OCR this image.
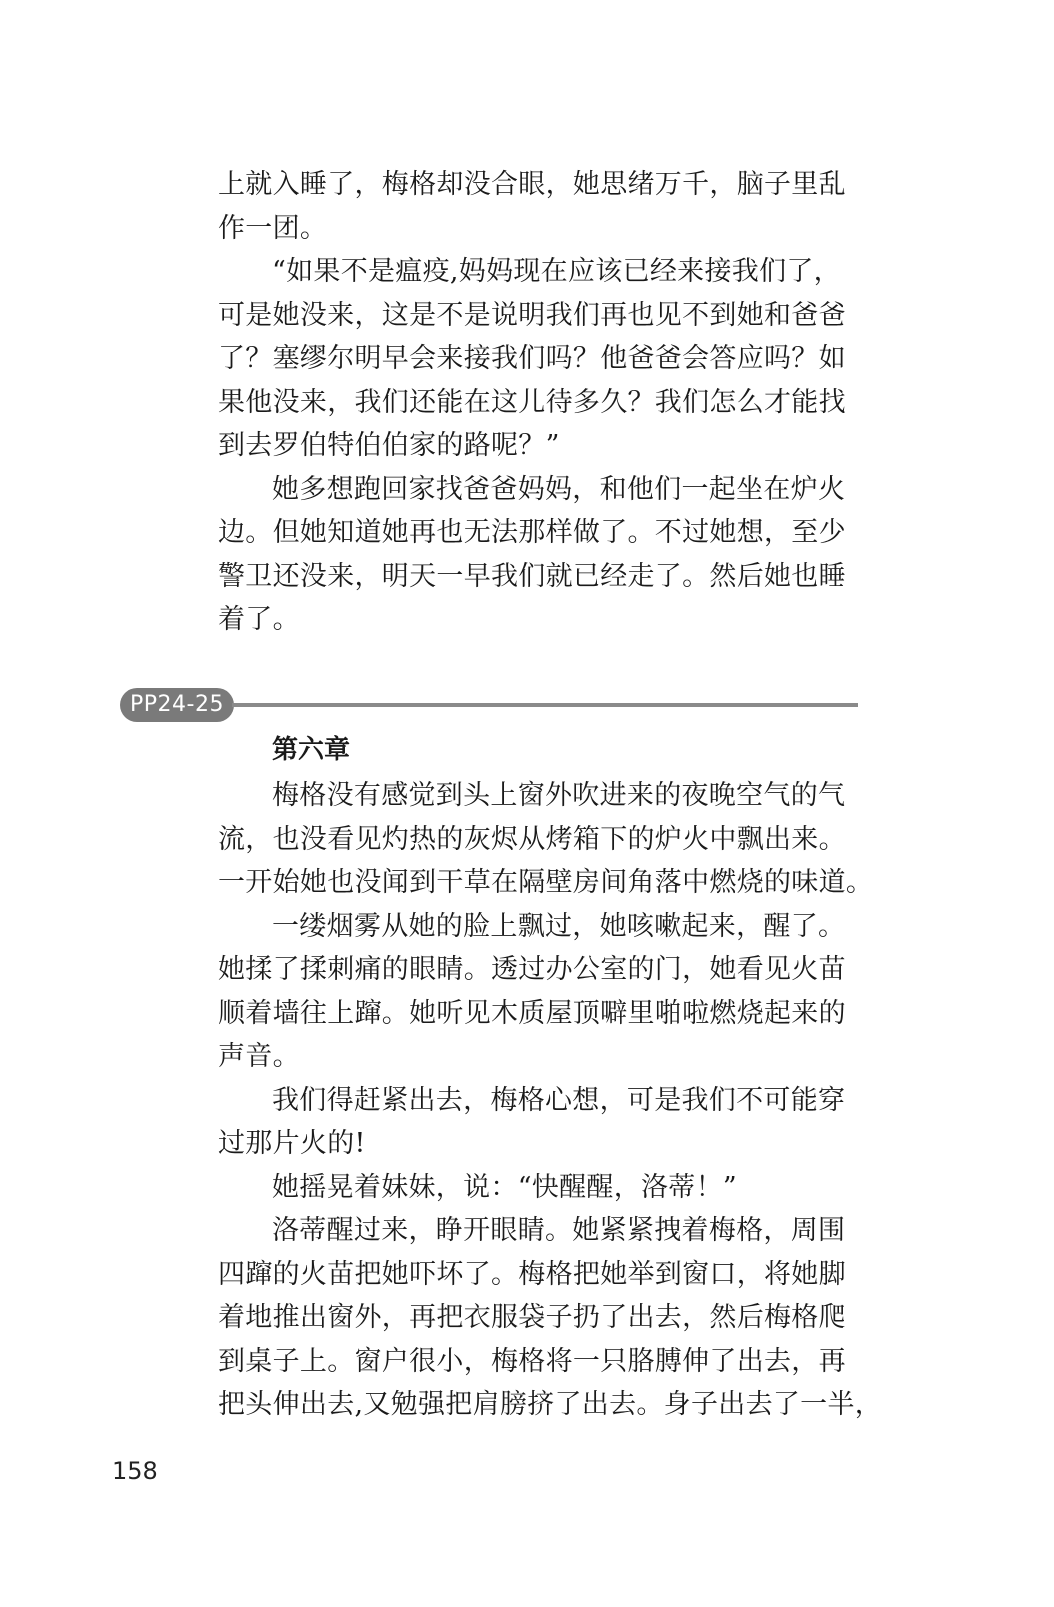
上就入睡了，梅格却没合眼，她思绪万千，脑子里乱
作一团。
“如果不是瘟疫,妈妈现在应该已经来接我们了，
可是她没来，这是不是说明我们再也见不到她和爸爸
了？塞缪尔明早会来接我们吗？他爸爸会答应吗？如
果他没来，我们还能在这儿待多久？我们怎么才能找
到去罗伯特伯伯家的路呢？”
她多想跑回家找爸爸妈妈，和他们一起坐在炉火
边。但她知道她再也无法那样做了。不过她想，至少
警卫还没来，明天一早我们就已经走了。然后她也睡
着了。
PP24-25
第六章
梅格没有感觉到头上窗外吹进来的夜晚空气的气
流，也没看见灼热的灰烬从烤箱下的炉火中飘出来。
一开始她也没闻到干草在隔壁房间角落中燃烧的味道。
一缕烟雾从她的脸上飘过，她咳嗽起来，醒了。
她揉了揉刺痛的眼睛。透过办公室的门，她看见火苗
顺着墙往上蹿。她听见木质屋顶噼里啪啦燃烧起来的
声音。
我们得赶紧出去，梅格心想，可是我们不可能穿
过那片火的!
她摇晃着妹妹，说：“快醒醒，洛蒂！”
洛蒂醒过来，睁开眼睛。她紧紧拽着梅格，周围
四蹿的火苗把她吓坏了。梅格把她举到窗口，将她脚
着地推出窗外，再把衣服袋子扔了出去，然后梅格爬
到桌子上。窗户很小，梅格将一只胳膊伸了出去，再
把头伸出去,又勉强把肩膀挤了出去。身子出去了一半，
158
